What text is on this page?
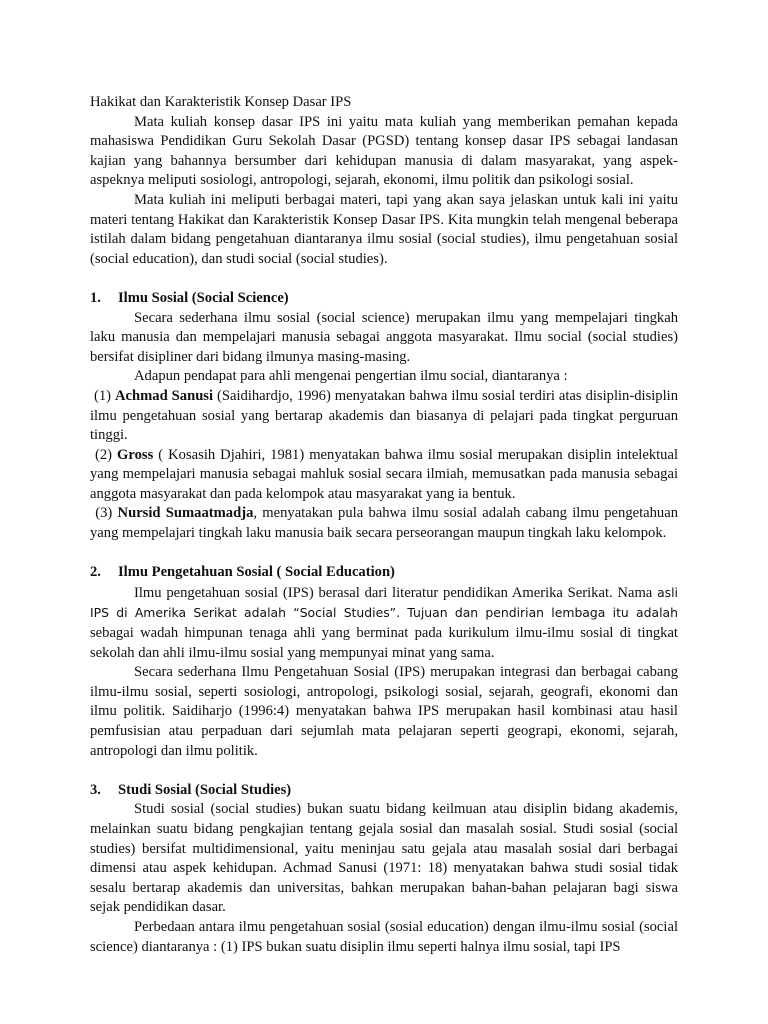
Hakikat dan Karakteristik Konsep Dasar IPS

Mata kuliah konsep dasar IPS ini yaitu mata kuliah yang memberikan pemahan kepada mahasiswa Pendidikan Guru Sekolah Dasar (PGSD) tentang konsep dasar IPS sebagai landasan kajian yang bahannya bersumber dari kehidupan manusia di dalam masyarakat, yang aspek-aspeknya meliputi sosiologi, antropologi, sejarah, ekonomi, ilmu politik dan psikologi sosial.

Mata kuliah ini meliputi berbagai materi, tapi yang akan saya jelaskan untuk kali ini yaitu materi tentang Hakikat dan Karakteristik Konsep Dasar IPS. Kita mungkin telah mengenal beberapa istilah dalam bidang pengetahuan diantaranya ilmu sosial (social studies), ilmu pengetahuan sosial (social education), dan studi social (social studies).

1.	Ilmu Sosial (Social Science)

Secara sederhana ilmu sosial (social science) merupakan ilmu yang mempelajari tingkah laku manusia dan mempelajari manusia sebagai anggota masyarakat. Ilmu social (social studies) bersifat disipliner dari bidang ilmunya masing-masing.

Adapun pendapat para ahli mengenai pengertian ilmu social, diantaranya :

(1) Achmad Sanusi (Saidihardjo, 1996) menyatakan bahwa ilmu sosial terdiri atas disiplin-disiplin ilmu pengetahuan sosial yang bertarap akademis dan biasanya di pelajari pada tingkat perguruan tinggi.

(2) Gross ( Kosasih Djahiri, 1981) menyatakan bahwa ilmu sosial merupakan disiplin intelektual yang mempelajari manusia sebagai mahluk sosial secara ilmiah, memusatkan pada manusia sebagai anggota masyarakat dan pada kelompok atau masyarakat yang ia bentuk.

(3) Nursid Sumaatmadja, menyatakan pula bahwa ilmu sosial adalah cabang ilmu pengetahuan yang mempelajari tingkah laku manusia baik secara perseorangan maupun tingkah laku kelompok.

2.	Ilmu Pengetahuan Sosial ( Social Education)

Ilmu pengetahuan sosial (IPS) berasal dari literatur pendidikan Amerika Serikat. Nama asli IPS di Amerika Serikat adalah “Social Studies”. Tujuan dan pendirian lembaga itu adalah sebagai wadah himpunan tenaga ahli yang berminat pada kurikulum ilmu-ilmu sosial di tingkat sekolah dan ahli ilmu-ilmu sosial yang mempunyai minat yang sama.

Secara sederhana Ilmu Pengetahuan Sosial (IPS) merupakan integrasi dan berbagai cabang ilmu-ilmu sosial, seperti sosiologi, antropologi, psikologi sosial, sejarah, geografi, ekonomi dan ilmu politik. Saidiharjo (1996:4) menyatakan bahwa IPS merupakan hasil kombinasi atau hasil pemfusisian atau perpaduan dari sejumlah mata pelajaran seperti geograpi, ekonomi, sejarah, antropologi dan ilmu politik.

3.	Studi Sosial (Social Studies)

Studi sosial (social studies) bukan suatu bidang keilmuan atau disiplin bidang akademis, melainkan suatu bidang pengkajian tentang gejala sosial dan masalah sosial. Studi sosial (social studies) bersifat multidimensional, yaitu meninjau satu gejala atau masalah sosial dari berbagai dimensi atau aspek kehidupan. Achmad Sanusi (1971: 18) menyatakan bahwa studi sosial tidak sesalu bertarap akademis dan universitas, bahkan merupakan bahan-bahan pelajaran bagi siswa sejak pendidikan dasar.

Perbedaan antara ilmu pengetahuan sosial (sosial education) dengan ilmu-ilmu sosial (social science) diantaranya : (1) IPS bukan suatu disiplin ilmu seperti halnya ilmu sosial, tapi IPS
